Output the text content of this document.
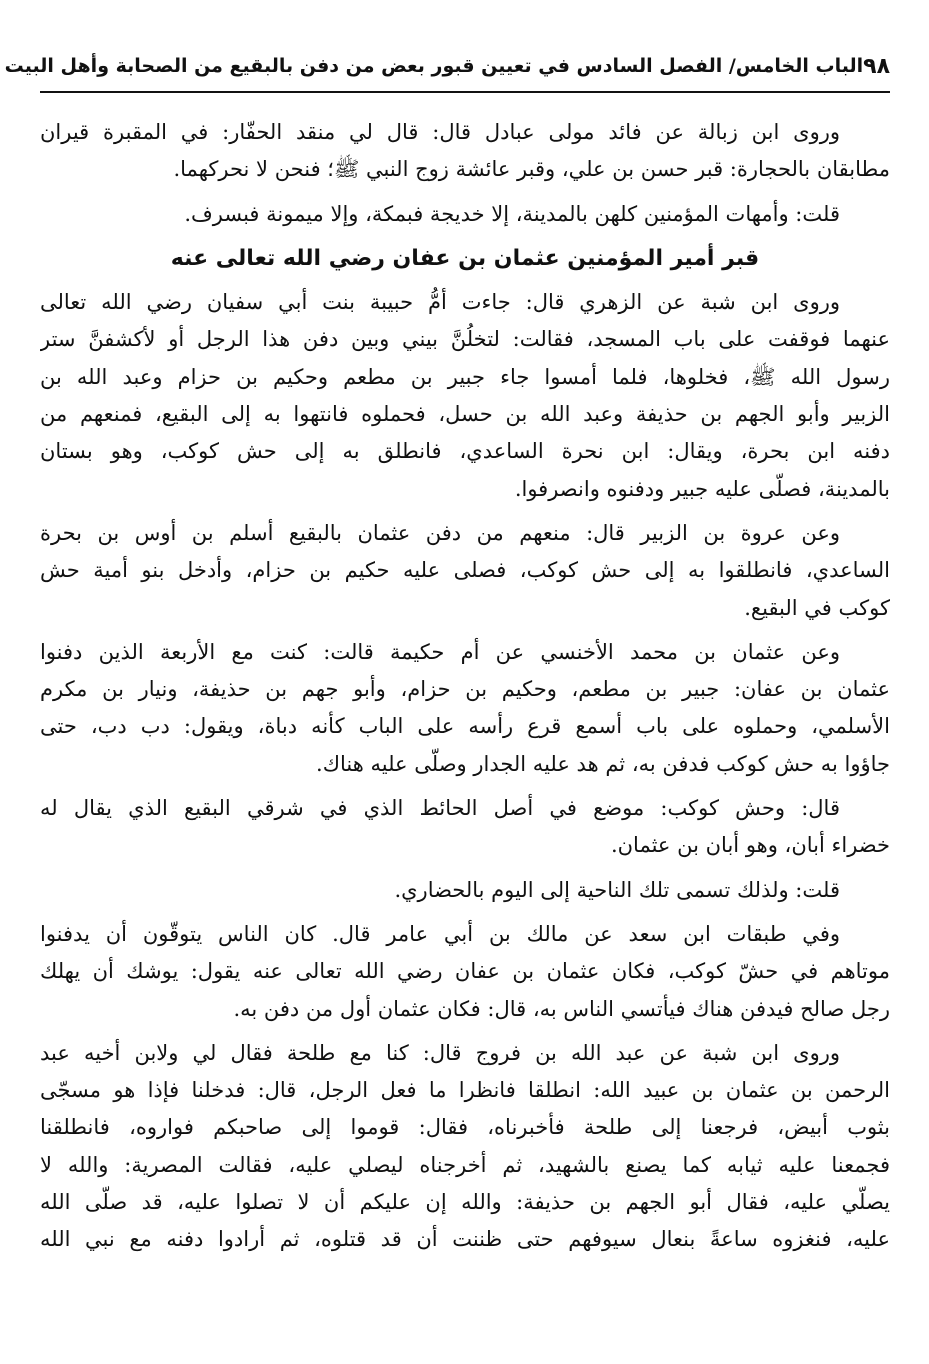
٩٨
الباب الخامس/ الفصل السادس في تعيين قبور بعض من دفن بالبقيع من الصحابة وأهل البيت
وروى ابن زبالة عن فائد مولى عبادل قال: قال لي منقد الحفّار: في المقبرة قيران
مطابقان بالحجارة: قبر حسن بن علي، وقبر عائشة زوج النبي ﷺ؛ فنحن لا نحركهما.
قلت: وأمهات المؤمنين كلهن بالمدينة، إلا خديجة فبمكة، وإلا ميمونة فبسرف.
قبر أمير المؤمنين عثمان بن عفان رضي الله تعالى عنه
وروى ابن شبة عن الزهري قال: جاءت أمُّ حبيبة بنت أبي سفيان رضي الله تعالى
عنهما فوقفت على باب المسجد، فقالت: لتخلُنَّ بيني وبين دفن هذا الرجل أو لأكشفنَّ ستر
رسول الله ﷺ، فخلوها، فلما أمسوا جاء جبير بن مطعم وحكيم بن حزام وعبد الله بن
الزبير وأبو الجهم بن حذيفة وعبد الله بن حسل، فحملوه فانتهوا به إلى البقيع، فمنعهم من
دفنه ابن بحرة، ويقال: ابن نحرة الساعدي، فانطلق به إلى حش كوكب، وهو بستان
بالمدينة، فصلّى عليه جبير ودفنوه وانصرفوا.
وعن عروة بن الزبير قال: منعهم من دفن عثمان بالبقيع أسلم بن أوس بن بحرة
الساعدي، فانطلقوا به إلى حش كوكب، فصلى عليه حكيم بن حزام، وأدخل بنو أمية حش
كوكب في البقيع.
وعن عثمان بن محمد الأخنسي عن أم حكيمة قالت: كنت مع الأربعة الذين دفنوا
عثمان بن عفان: جبير بن مطعم، وحكيم بن حزام، وأبو جهم بن حذيفة، ونيار بن مكرم
الأسلمي، وحملوه على باب أسمع قرع رأسه على الباب كأنه دباة، ويقول: دب دب، حتى
جاؤوا به حش كوكب فدفن به، ثم هد عليه الجدار وصلّى عليه هناك.
قال: وحش كوكب: موضع في أصل الحائط الذي في شرقي البقيع الذي يقال له
خضراء أبان، وهو أبان بن عثمان.
قلت: ولذلك تسمى تلك الناحية إلى اليوم بالحضاري.
وفي طبقات ابن سعد عن مالك بن أبي عامر قال. كان الناس يتوقّون أن يدفنوا
موتاهم في حشّ كوكب، فكان عثمان بن عفان رضي الله تعالى عنه يقول: يوشك أن يهلك
رجل صالح فيدفن هناك فيأتسي الناس به، قال: فكان عثمان أول من دفن به.
وروى ابن شبة عن عبد الله بن فروج قال: كنا مع طلحة فقال لي ولابن أخيه عبد
الرحمن بن عثمان بن عبيد الله: انطلقا فانظرا ما فعل الرجل، قال: فدخلنا فإذا هو مسجّى
بثوب أبيض، فرجعنا إلى طلحة فأخبرناه، فقال: قوموا إلى صاحبكم فواروه، فانطلقنا
فجمعنا عليه ثيابه كما يصنع بالشهيد، ثم أخرجناه ليصلي عليه، فقالت المصرية: والله لا
يصلّي عليه، فقال أبو الجهم بن حذيفة: والله إن عليكم أن لا تصلوا عليه، قد صلّى الله
عليه، فنغزوه ساعةً بنعال سيوفهم حتى ظننت أن قد قتلوه، ثم أرادوا دفنه مع نبي الله
